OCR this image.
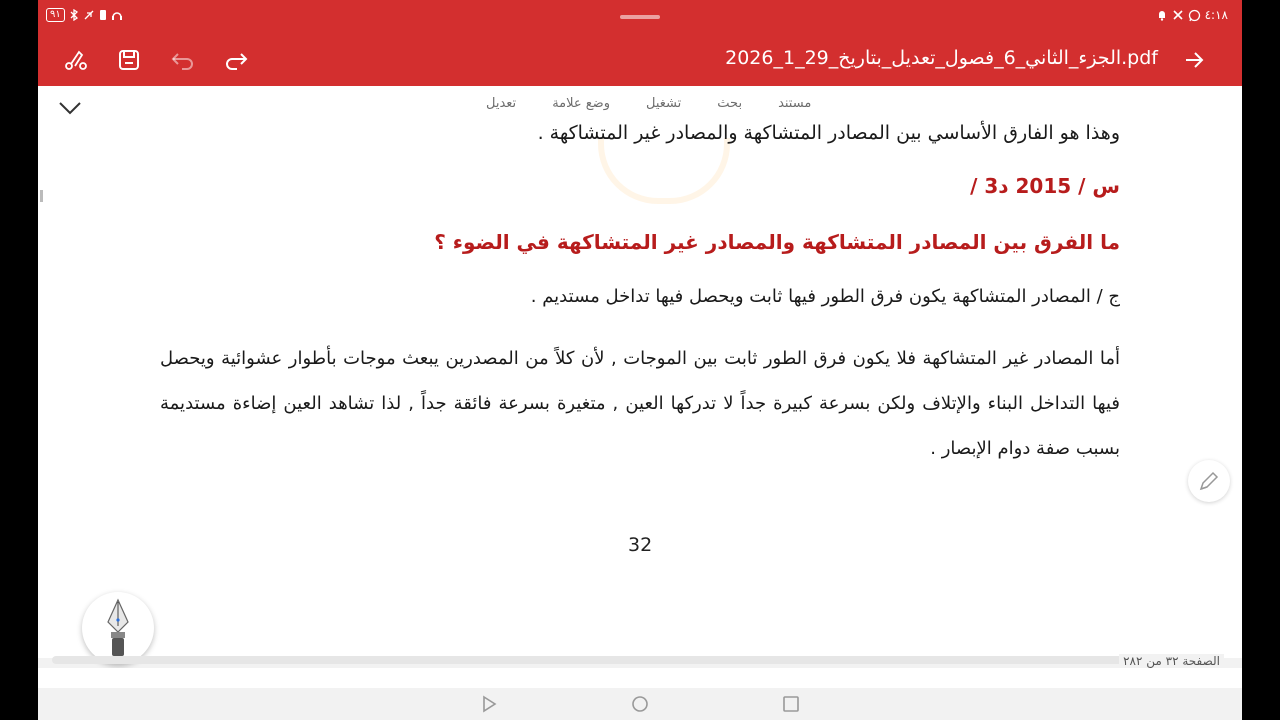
٩١	٤:١٨
الجزء_الثاني_6_فصول_تعديل_بتاريخ_29_1_2026.pdf
مستند
بحث
تشغيل
وضع علامة
تعديل
وهذا هو الفارق الأساسي بين المصادر المتشاكهة والمصادر غير المتشاكهة .
س / 2015 د3 /
ما الفرق بين المصادر المتشاكهة والمصادر غير المتشاكهة في الضوء ؟
ج / المصادر المتشاكهة يكون فرق الطور فيها ثابت ويحصل فيها تداخل مستديم .
أما المصادر غير المتشاكهة فلا يكون فرق الطور ثابت بين الموجات , لأن كلاً من المصدرين يبعث موجات بأطوار عشوائية ويحصل فيها التداخل البناء والإتلاف ولكن بسرعة كبيرة جداً لا تدركها العين , متغيرة بسرعة فائقة جداً , لذا تشاهد العين إضاءة مستديمة بسبب صفة دوام الإبصار .
32
الصفحة ٣٢ من ٢٨٢
